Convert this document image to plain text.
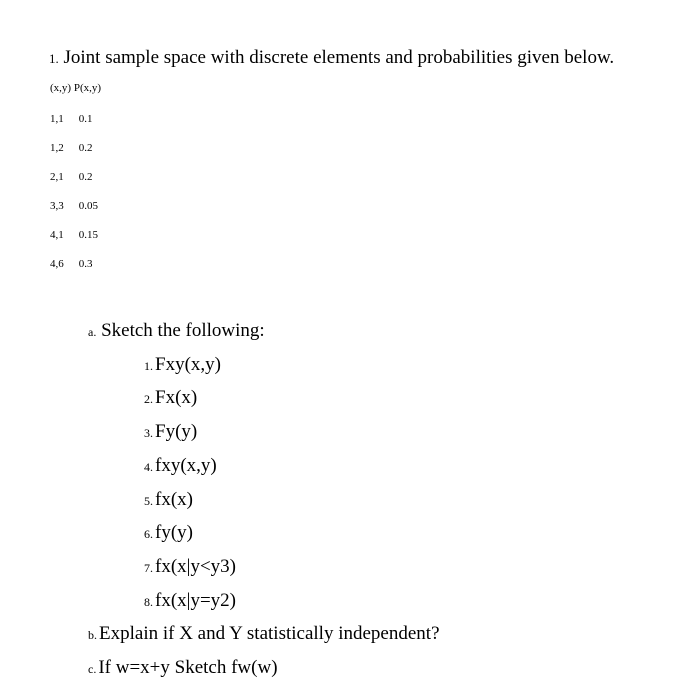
1. Joint sample space with discrete elements and probabilities given below.
(x,y) P(x,y)
1,1 0.1
1,2 0.2
2,1 0.2
3,3 0.05
4,1 0.15
4,6 0.3
a. Sketch the following:
1. Fxy(x,y)
2. Fx(x)
3. Fy(y)
4. fxy(x,y)
5. fx(x)
6. fy(y)
7. fx(x|y<y3)
8. fx(x|y=y2)
b. Explain if X and Y statistically independent?
c. If w=x+y Sketch fw(w)
